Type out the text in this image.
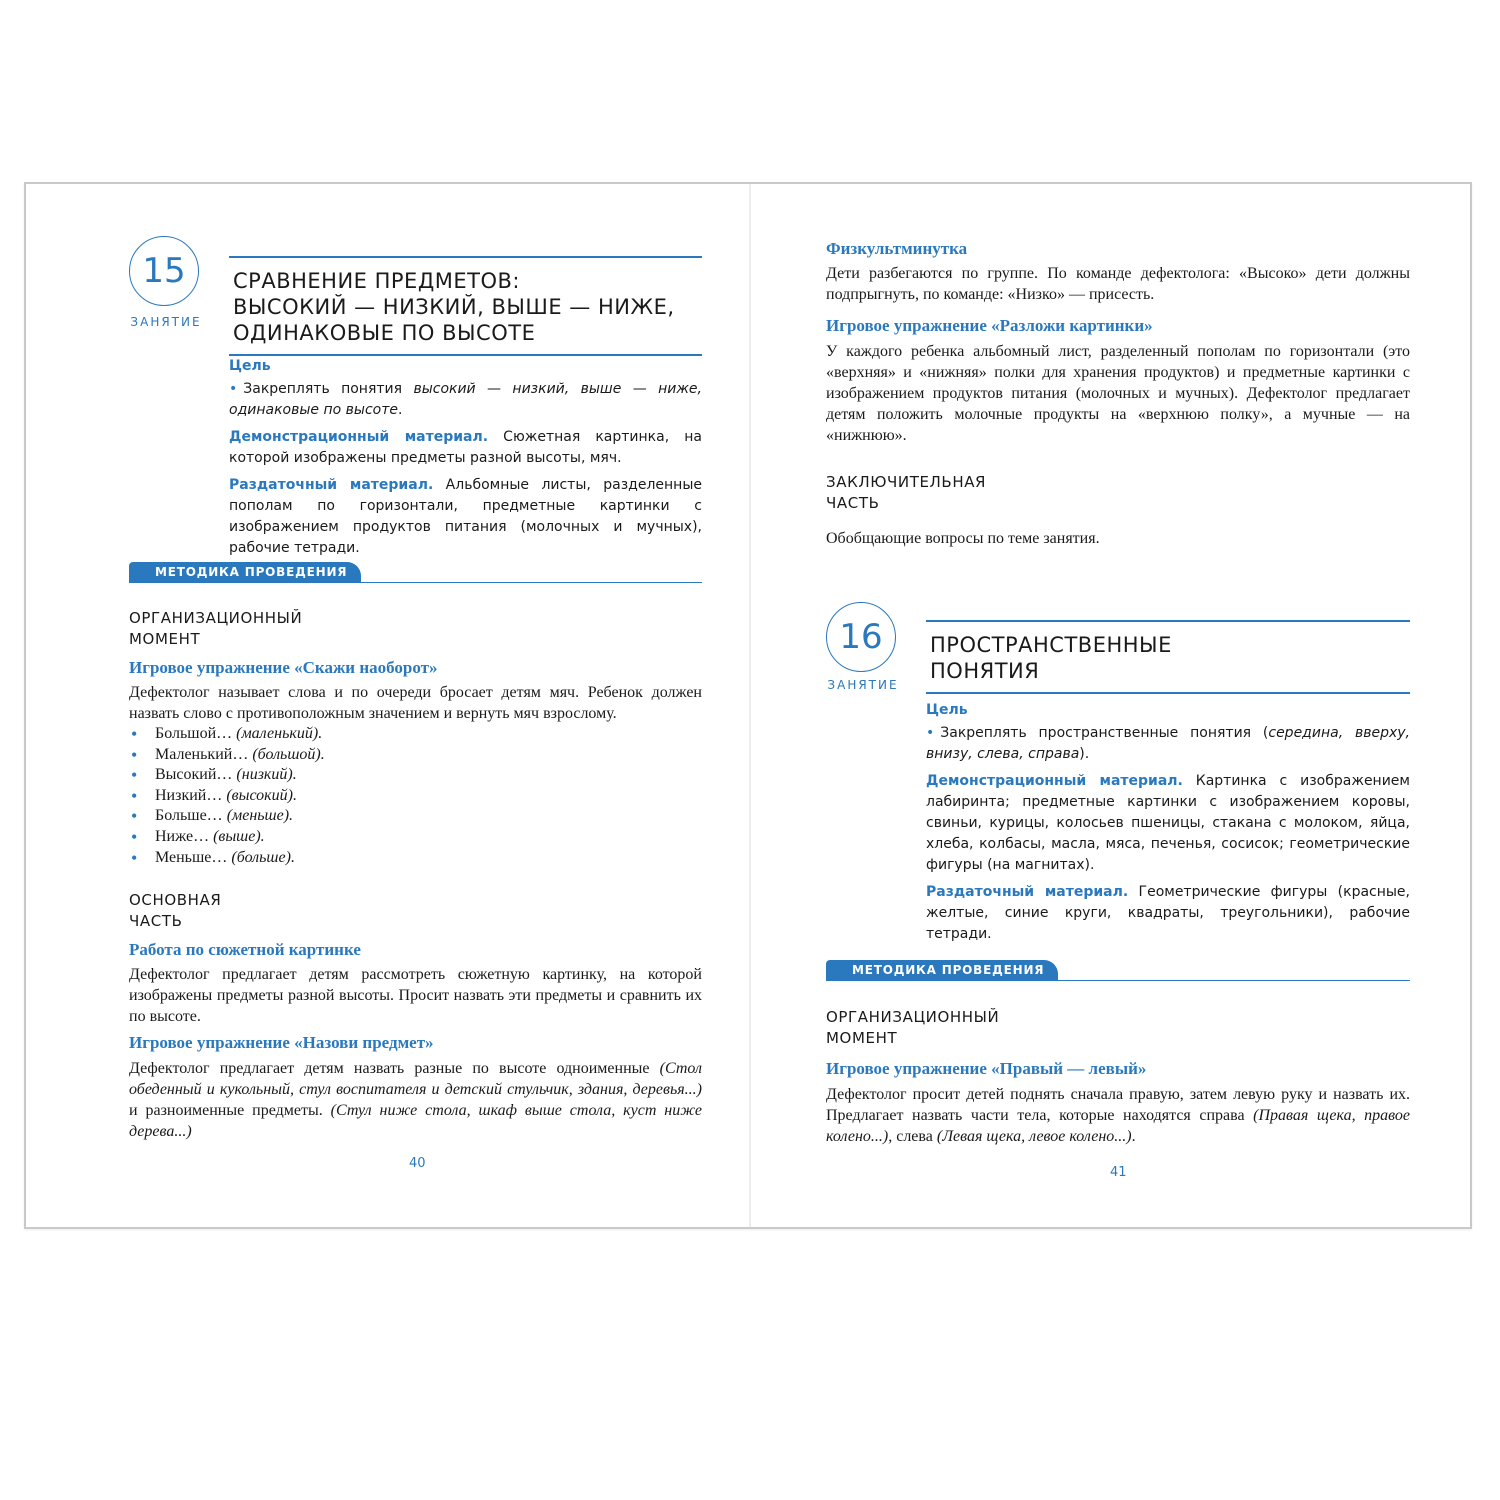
15
ЗАНЯТИЕ
СРАВНЕНИЕ ПРЕДМЕТОВ:
ВЫСОКИЙ — НИЗКИЙ, ВЫШЕ — НИЖЕ,
ОДИНАКОВЫЕ ПО ВЫСОТЕ
Цель

• Закреплять понятия высокий — низкий, выше — ниже, одинаковые по высоте.

Демонстрационный материал. Сюжетная картинка, на которой изображены предметы разной высоты, мяч.

Раздаточный материал. Альбомные листы, разделенные пополам по горизонтали, предметные картинки с изображением продуктов питания (молочных и мучных), рабочие тетради.

МЕТОДИКА ПРОВЕДЕНИЯ
ОРГАНИЗАЦИОННЫЙ
МОМЕНТ
Игровое упражнение «Скажи наоборот»

Дефектолог называет слова и по очереди бросает детям мяч. Ребенок должен назвать слово с противоположным значением и вернуть мяч взрослому.

• Большой… (маленький).
• Маленький… (большой).
• Высокий… (низкий).
• Низкий… (высокий).
• Больше… (меньше).
• Ниже… (выше).
• Меньше… (больше).
ОСНОВНАЯ
ЧАСТЬ
Работа по сюжетной картинке

Дефектолог предлагает детям рассмотреть сюжетную картинку, на которой изображены предметы разной высоты. Просит назвать эти предметы и сравнить их по высоте.

Игровое упражнение «Назови предмет»

Дефектолог предлагает детям назвать разные по высоте одноименные (Стол обеденный и кукольный, стул воспитателя и детский стульчик, здания, деревья...) и разноименные предметы. (Стул ниже стола, шкаф выше стола, куст ниже дерева...)

40
Физкультминутка

Дети разбегаются по группе. По команде дефектолога: «Высоко» дети должны подпрыгнуть, по команде: «Низко» — присесть.

Игровое упражнение «Разложи картинки»

У каждого ребенка альбомный лист, разделенный пополам по горизонтали (это «верхняя» и «нижняя» полки для хранения продуктов) и предметные картинки с изображением продуктов питания (молочных и мучных). Дефектолог предлагает детям положить молочные продукты на «верхнюю полку», а мучные — на «нижнюю».

ЗАКЛЮЧИТЕЛЬНАЯ
ЧАСТЬ

Обобщающие вопросы по теме занятия.

16
ЗАНЯТИЕ
ПРОСТРАНСТВЕННЫЕ
ПОНЯТИЯ
Цель

• Закреплять пространственные понятия (середина, вверху, внизу, слева, справа).

Демонстрационный материал. Картинка с изображением лабиринта; предметные картинки с изображением коровы, свиньи, курицы, колосьев пшеницы, стакана с молоком, яйца, хлеба, колбасы, масла, мяса, печенья, сосисок; геометрические фигуры (на магнитах).

Раздаточный материал. Геометрические фигуры (красные, желтые, синие круги, квадраты, треугольники), рабочие тетради.

МЕТОДИКА ПРОВЕДЕНИЯ
ОРГАНИЗАЦИОННЫЙ
МОМЕНТ
Игровое упражнение «Правый — левый»

Дефектолог просит детей поднять сначала правую, затем левую руку и назвать их. Предлагает назвать части тела, которые находятся справа (Правая щека, правое колено...), слева (Левая щека, левое колено...).

41
